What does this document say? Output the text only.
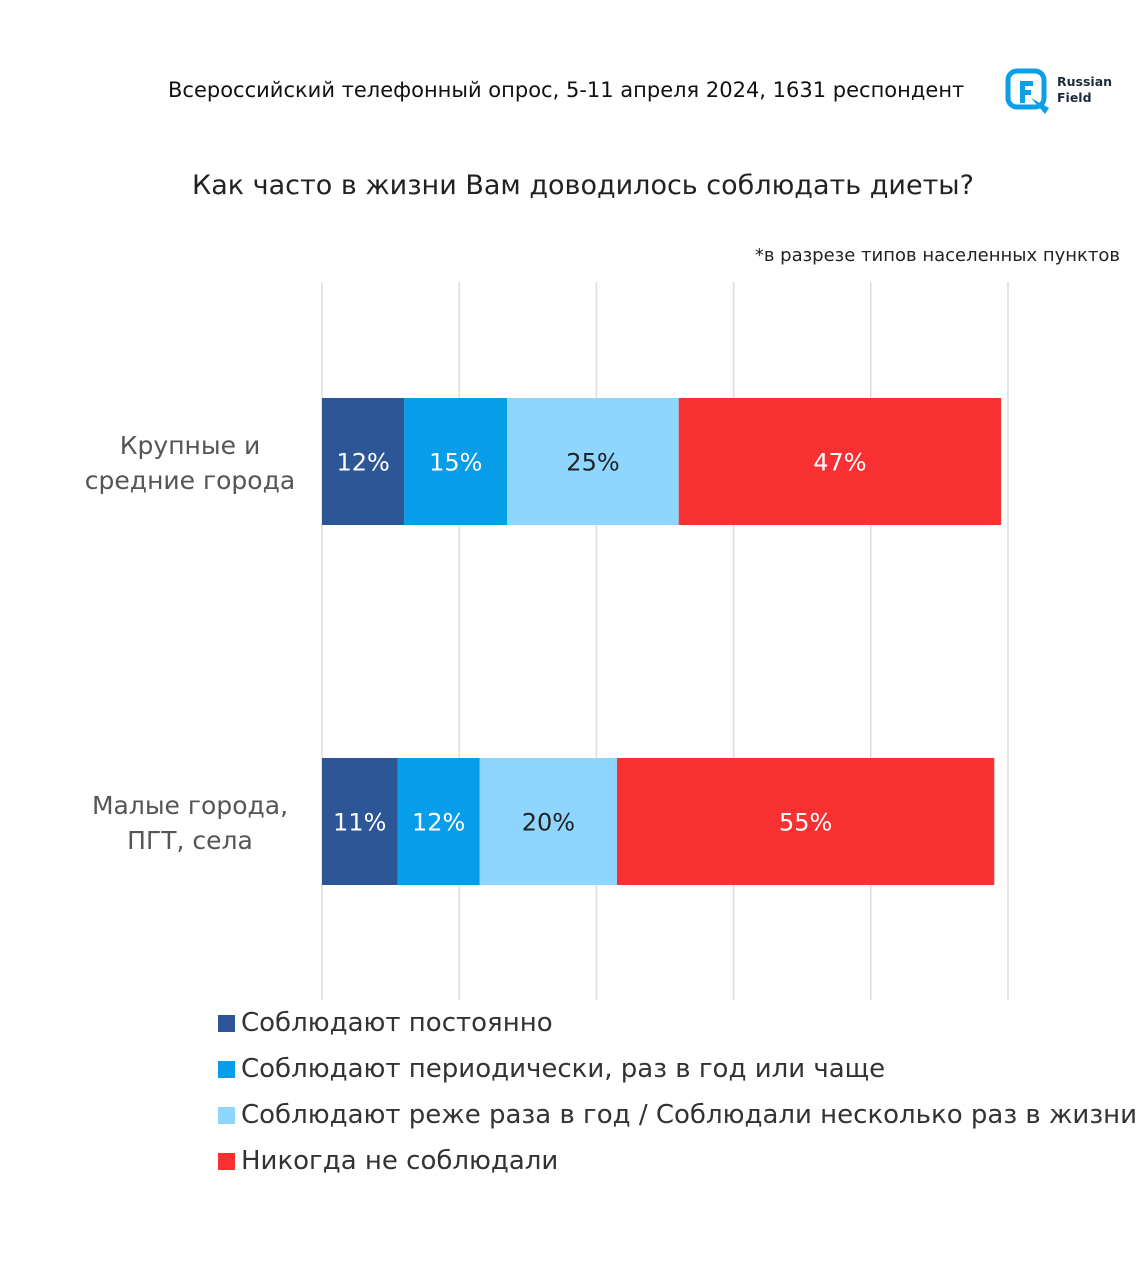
Всероссийский телефонный опрос, 5-11 апреля 2024, 1631 респондент	Russian
Field
Как часто в жизни Вам доводилось соблюдать диеты?
*в разрезе типов населенных пунктов
Крупные и
средние города
12% 15%	25%	47%
Малые города,
ПГТ, села
11% 12% 20%	55%
Соблюдают постоянно
Соблюдают периодически, раз в год или чаще
Соблюдают реже раза в год / Соблюдали несколько раз в жизни
Никогда не соблюдали
